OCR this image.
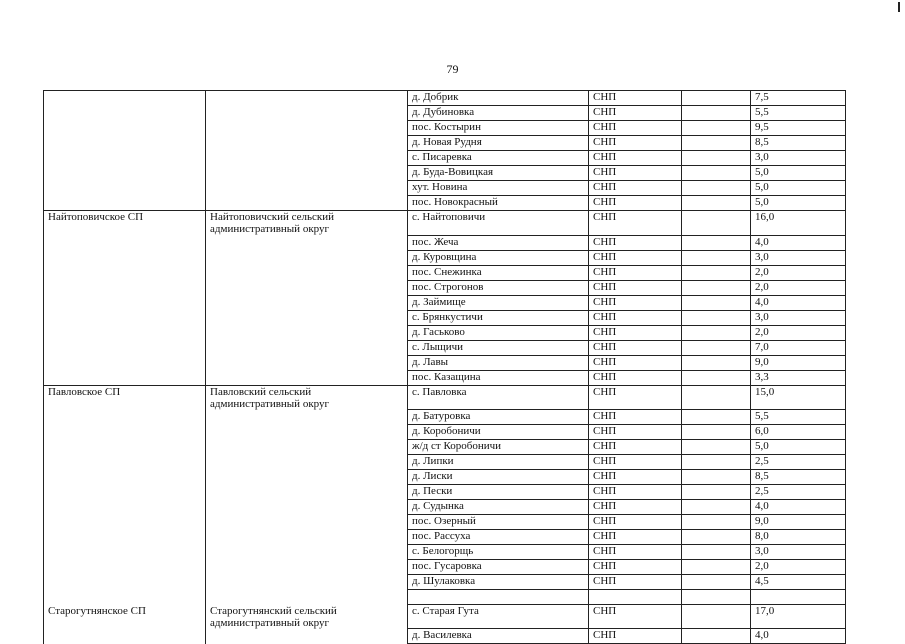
79
		д. Добрик	СНП		7,5
		д. Дубиновка	СНП		5,5
		пос. Костырин	СНП		9,5
		д. Новая Рудня	СНП		8,5
		с. Писаревка	СНП		3,0
		д. Буда-Вовицкая	СНП		5,0
		хут. Новина	СНП		5,0
		пос. Новокрасный	СНП		5,0
Найтоповичское СП	Найтоповичский сельский административный округ	с. Найтоповичи	СНП		16,0
		пос. Жеча	СНП		4,0
		д. Куровщина	СНП		3,0
		пос. Снежинка	СНП		2,0
		пос. Строгонов	СНП		2,0
		д. Займище	СНП		4,0
		с. Брянкустичи	СНП		3,0
		д. Гаськово	СНП		2,0
		с. Лыщичи	СНП		7,0
		д. Лавы	СНП		9,0
		пос. Казащина	СНП		3,3
Павловское СП	Павловский сельский административный округ	с. Павловка	СНП		15,0
		д. Батуровка	СНП		5,5
		д. Коробоничи	СНП		6,0
		ж/д ст Коробоничи	СНП		5,0
		д. Липки	СНП		2,5
		д. Лиски	СНП		8,5
		д. Пески	СНП		2,5
		д. Судынка	СНП		4,0
		пос. Озерный	СНП		9,0
		пос. Рассуха	СНП		8,0
		с. Белогорщь	СНП		3,0
		пос. Гусаровка	СНП		2,0
		д. Шулаковка	СНП		4,5

Старогутнянское СП	Старогутнянский сельский административный округ	с. Старая Гута	СНП		17,0
		д. Василевка	СНП		4,0
